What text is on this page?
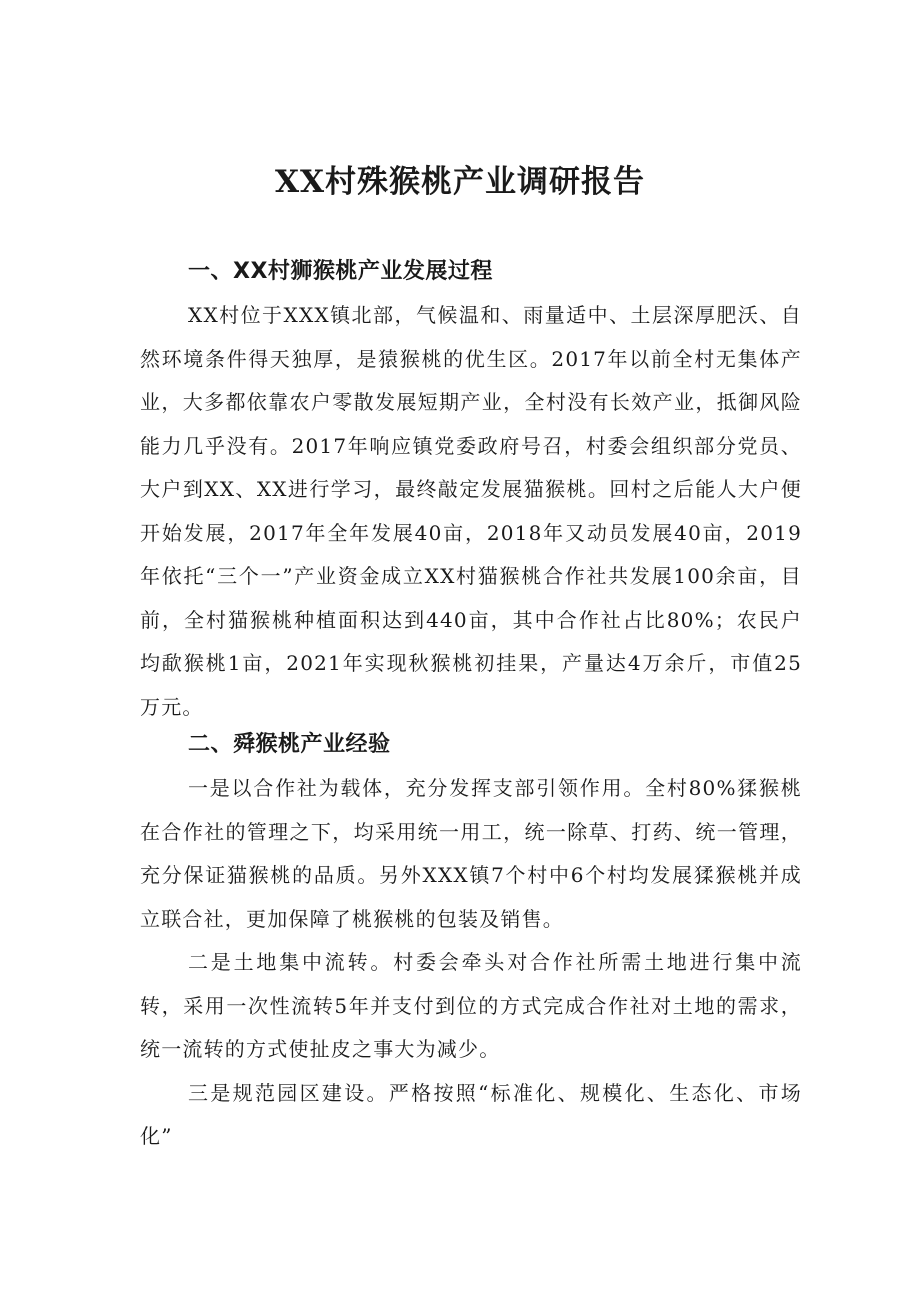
XX村殊猴桃产业调研报告
一、XX村狮猴桃产业发展过程

XX村位于XXX镇北部，气候温和、雨量适中、土层深厚肥沃、自然环境条件得天独厚，是猿猴桃的优生区。2017年以前全村无集体产业，大多都依靠农户零散发展短期产业，全村没有长效产业，抵御风险能力几乎没有。2017年响应镇党委政府号召，村委会组织部分党员、大户到XX、XX进行学习，最终敲定发展猫猴桃。回村之后能人大户便开始发展，2017年全年发展40亩，2018年又动员发展40亩，2019年依托“三个一”产业资金成立XX村猫猴桃合作社共发展100余亩，目前，全村猫猴桃种植面积达到440亩，其中合作社占比80%；农民户均歃猴桃1亩，2021年实现秋猴桃初挂果，产量达4万余斤，市值25万元。

二、舜猴桃产业经验

一是以合作社为载体，充分发挥支部引领作用。全村80%猱猴桃在合作社的管理之下，均采用统一用工，统一除草、打药、统一管理，充分保证猫猴桃的品质。另外XXX镇7个村中6个村均发展猱猴桃并成立联合社，更加保障了桃猴桃的包装及销售。

二是土地集中流转。村委会牵头对合作社所需土地进行集中流转，采用一次性流转5年并支付到位的方式完成合作社对土地的需求，统一流转的方式使扯皮之事大为减少。

三是规范园区建设。严格按照“标准化、规模化、生态化、市场化”
